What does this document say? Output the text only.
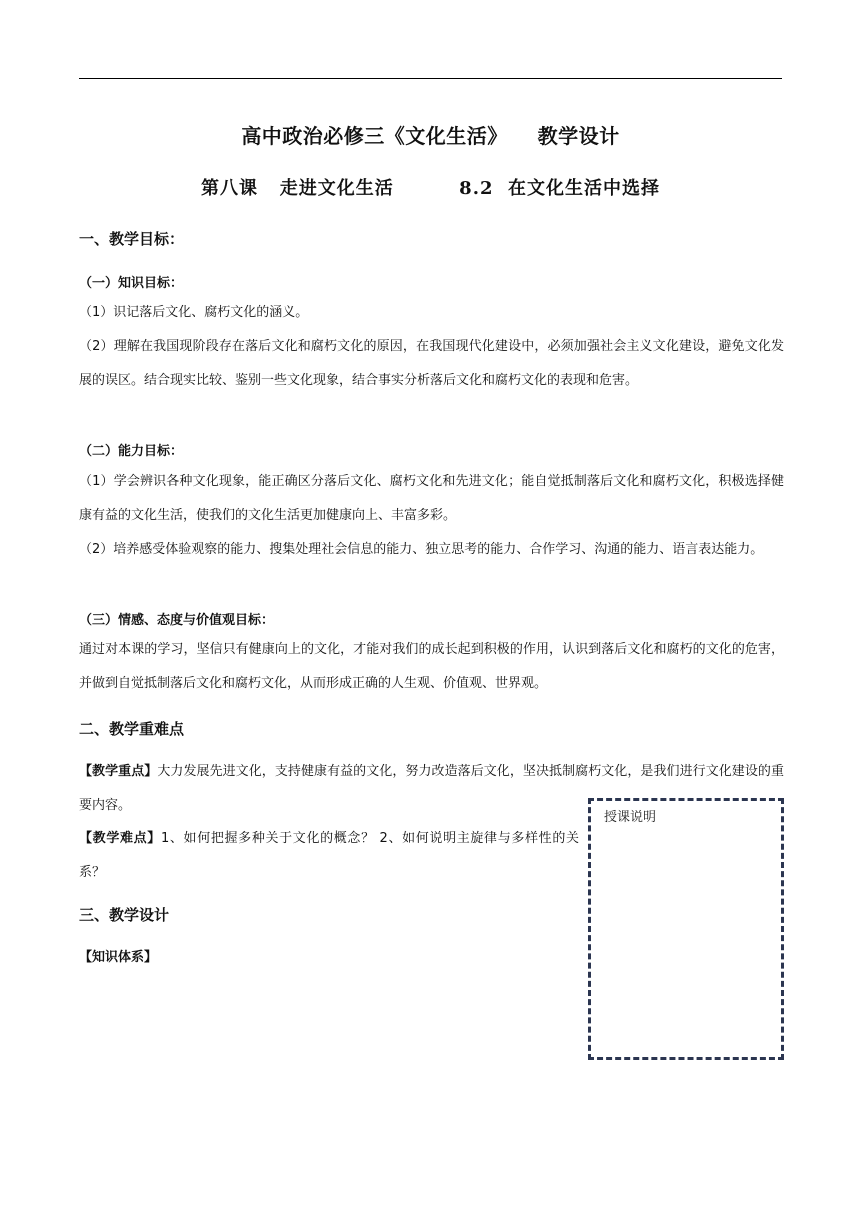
高中政治必修三《文化生活》    教学设计
第八课   走进文化生活         8.2  在文化生活中选择
一、教学目标：
（一）知识目标：
（1）识记落后文化、腐朽文化的涵义。
（2）理解在我国现阶段存在落后文化和腐朽文化的原因，在我国现代化建设中，必须加强社会主义文化建设，避免文化发展的误区。结合现实比较、鉴别一些文化现象，结合事实分析落后文化和腐朽文化的表现和危害。
（二）能力目标：
（1）学会辨识各种文化现象，能正确区分落后文化、腐朽文化和先进文化；能自觉抵制落后文化和腐朽文化，积极选择健康有益的文化生活，使我们的文化生活更加健康向上、丰富多彩。
（2）培养感受体验观察的能力、搜集处理社会信息的能力、独立思考的能力、合作学习、沟通的能力、语言表达能力。
（三）情感、态度与价值观目标：
通过对本课的学习，坚信只有健康向上的文化，才能对我们的成长起到积极的作用，认识到落后文化和腐朽的文化的危害，并做到自觉抵制落后文化和腐朽文化，从而形成正确的人生观、价值观、世界观。
二、教学重难点
【教学重点】大力发展先进文化，支持健康有益的文化，努力改造落后文化，坚决抵制腐朽文化，是我们进行文化建设的重要内容。
【教学难点】1、如何把握多种关于文化的概念？ 2、如何说明主旋律与多样性的关系？
三、教学设计
【知识体系】
授课说明
